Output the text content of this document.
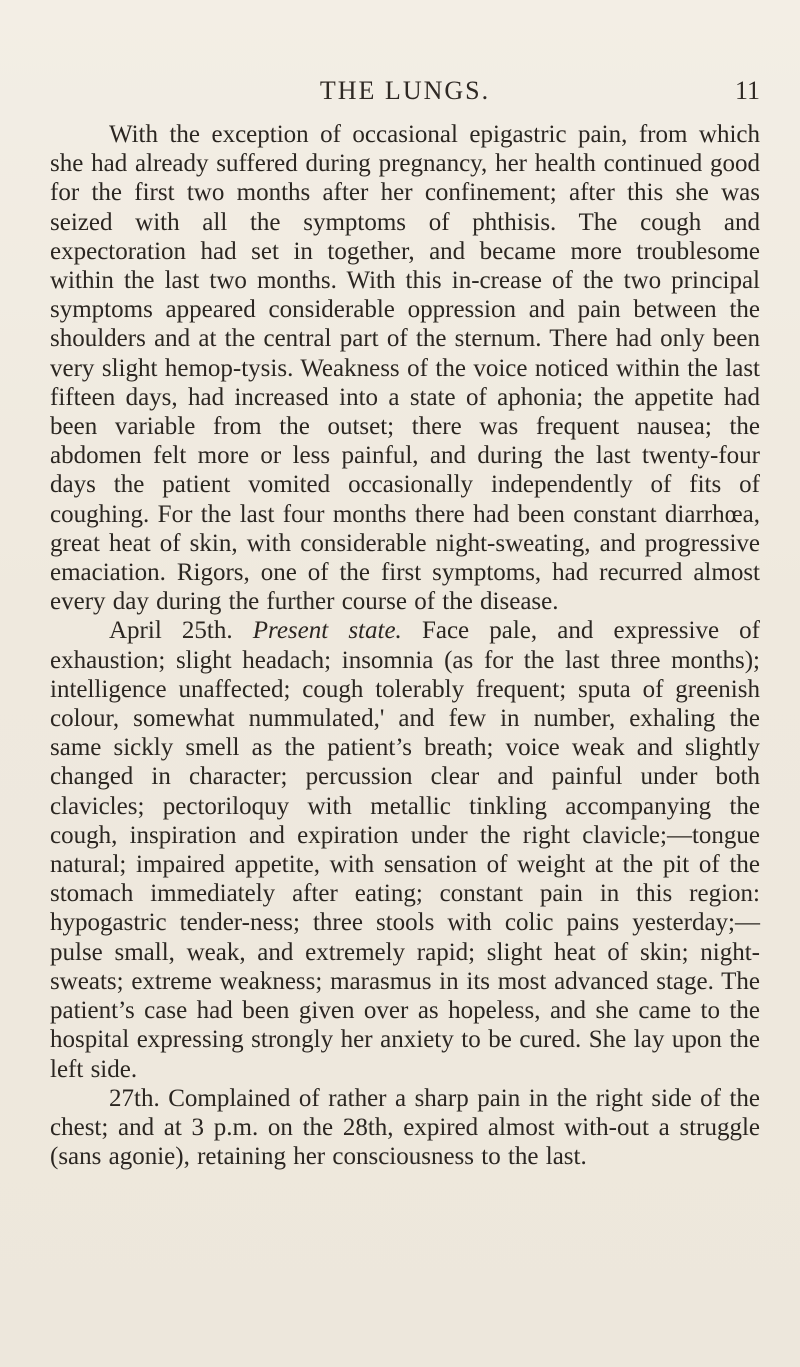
THE LUNGS.	11

With the exception of occasional epigastric pain, from which she had already suffered during pregnancy, her health continued good for the first two months after her confinement; after this she was seized with all the symptoms of phthisis. The cough and expectoration had set in together, and became more troublesome within the last two months. With this in-crease of the two principal symptoms appeared considerable oppression and pain between the shoulders and at the central part of the sternum. There had only been very slight hemop-tysis. Weakness of the voice noticed within the last fifteen days, had increased into a state of aphonia; the appetite had been variable from the outset; there was frequent nausea; the abdomen felt more or less painful, and during the last twenty-four days the patient vomited occasionally independently of fits of coughing. For the last four months there had been constant diarrhœa, great heat of skin, with considerable night-sweating, and progressive emaciation. Rigors, one of the first symptoms, had recurred almost every day during the further course of the disease.

April 25th. Present state. Face pale, and expressive of exhaustion; slight headach; insomnia (as for the last three months); intelligence unaffected; cough tolerably frequent; sputa of greenish colour, somewhat nummulated,' and few in number, exhaling the same sickly smell as the patient’s breath; voice weak and slightly changed in character; percussion clear and painful under both clavicles; pectoriloquy with metallic tinkling accompanying the cough, inspiration and expiration under the right clavicle;—tongue natural; impaired appetite, with sensation of weight at the pit of the stomach immediately after eating; constant pain in this region: hypogastric tender-ness; three stools with colic pains yesterday;—pulse small, weak, and extremely rapid; slight heat of skin; night-sweats; extreme weakness; marasmus in its most advanced stage. The patient’s case had been given over as hopeless, and she came to the hospital expressing strongly her anxiety to be cured. She lay upon the left side.

27th. Complained of rather a sharp pain in the right side of the chest; and at 3 p.m. on the 28th, expired almost with-out a struggle (sans agonie), retaining her consciousness to the last.
